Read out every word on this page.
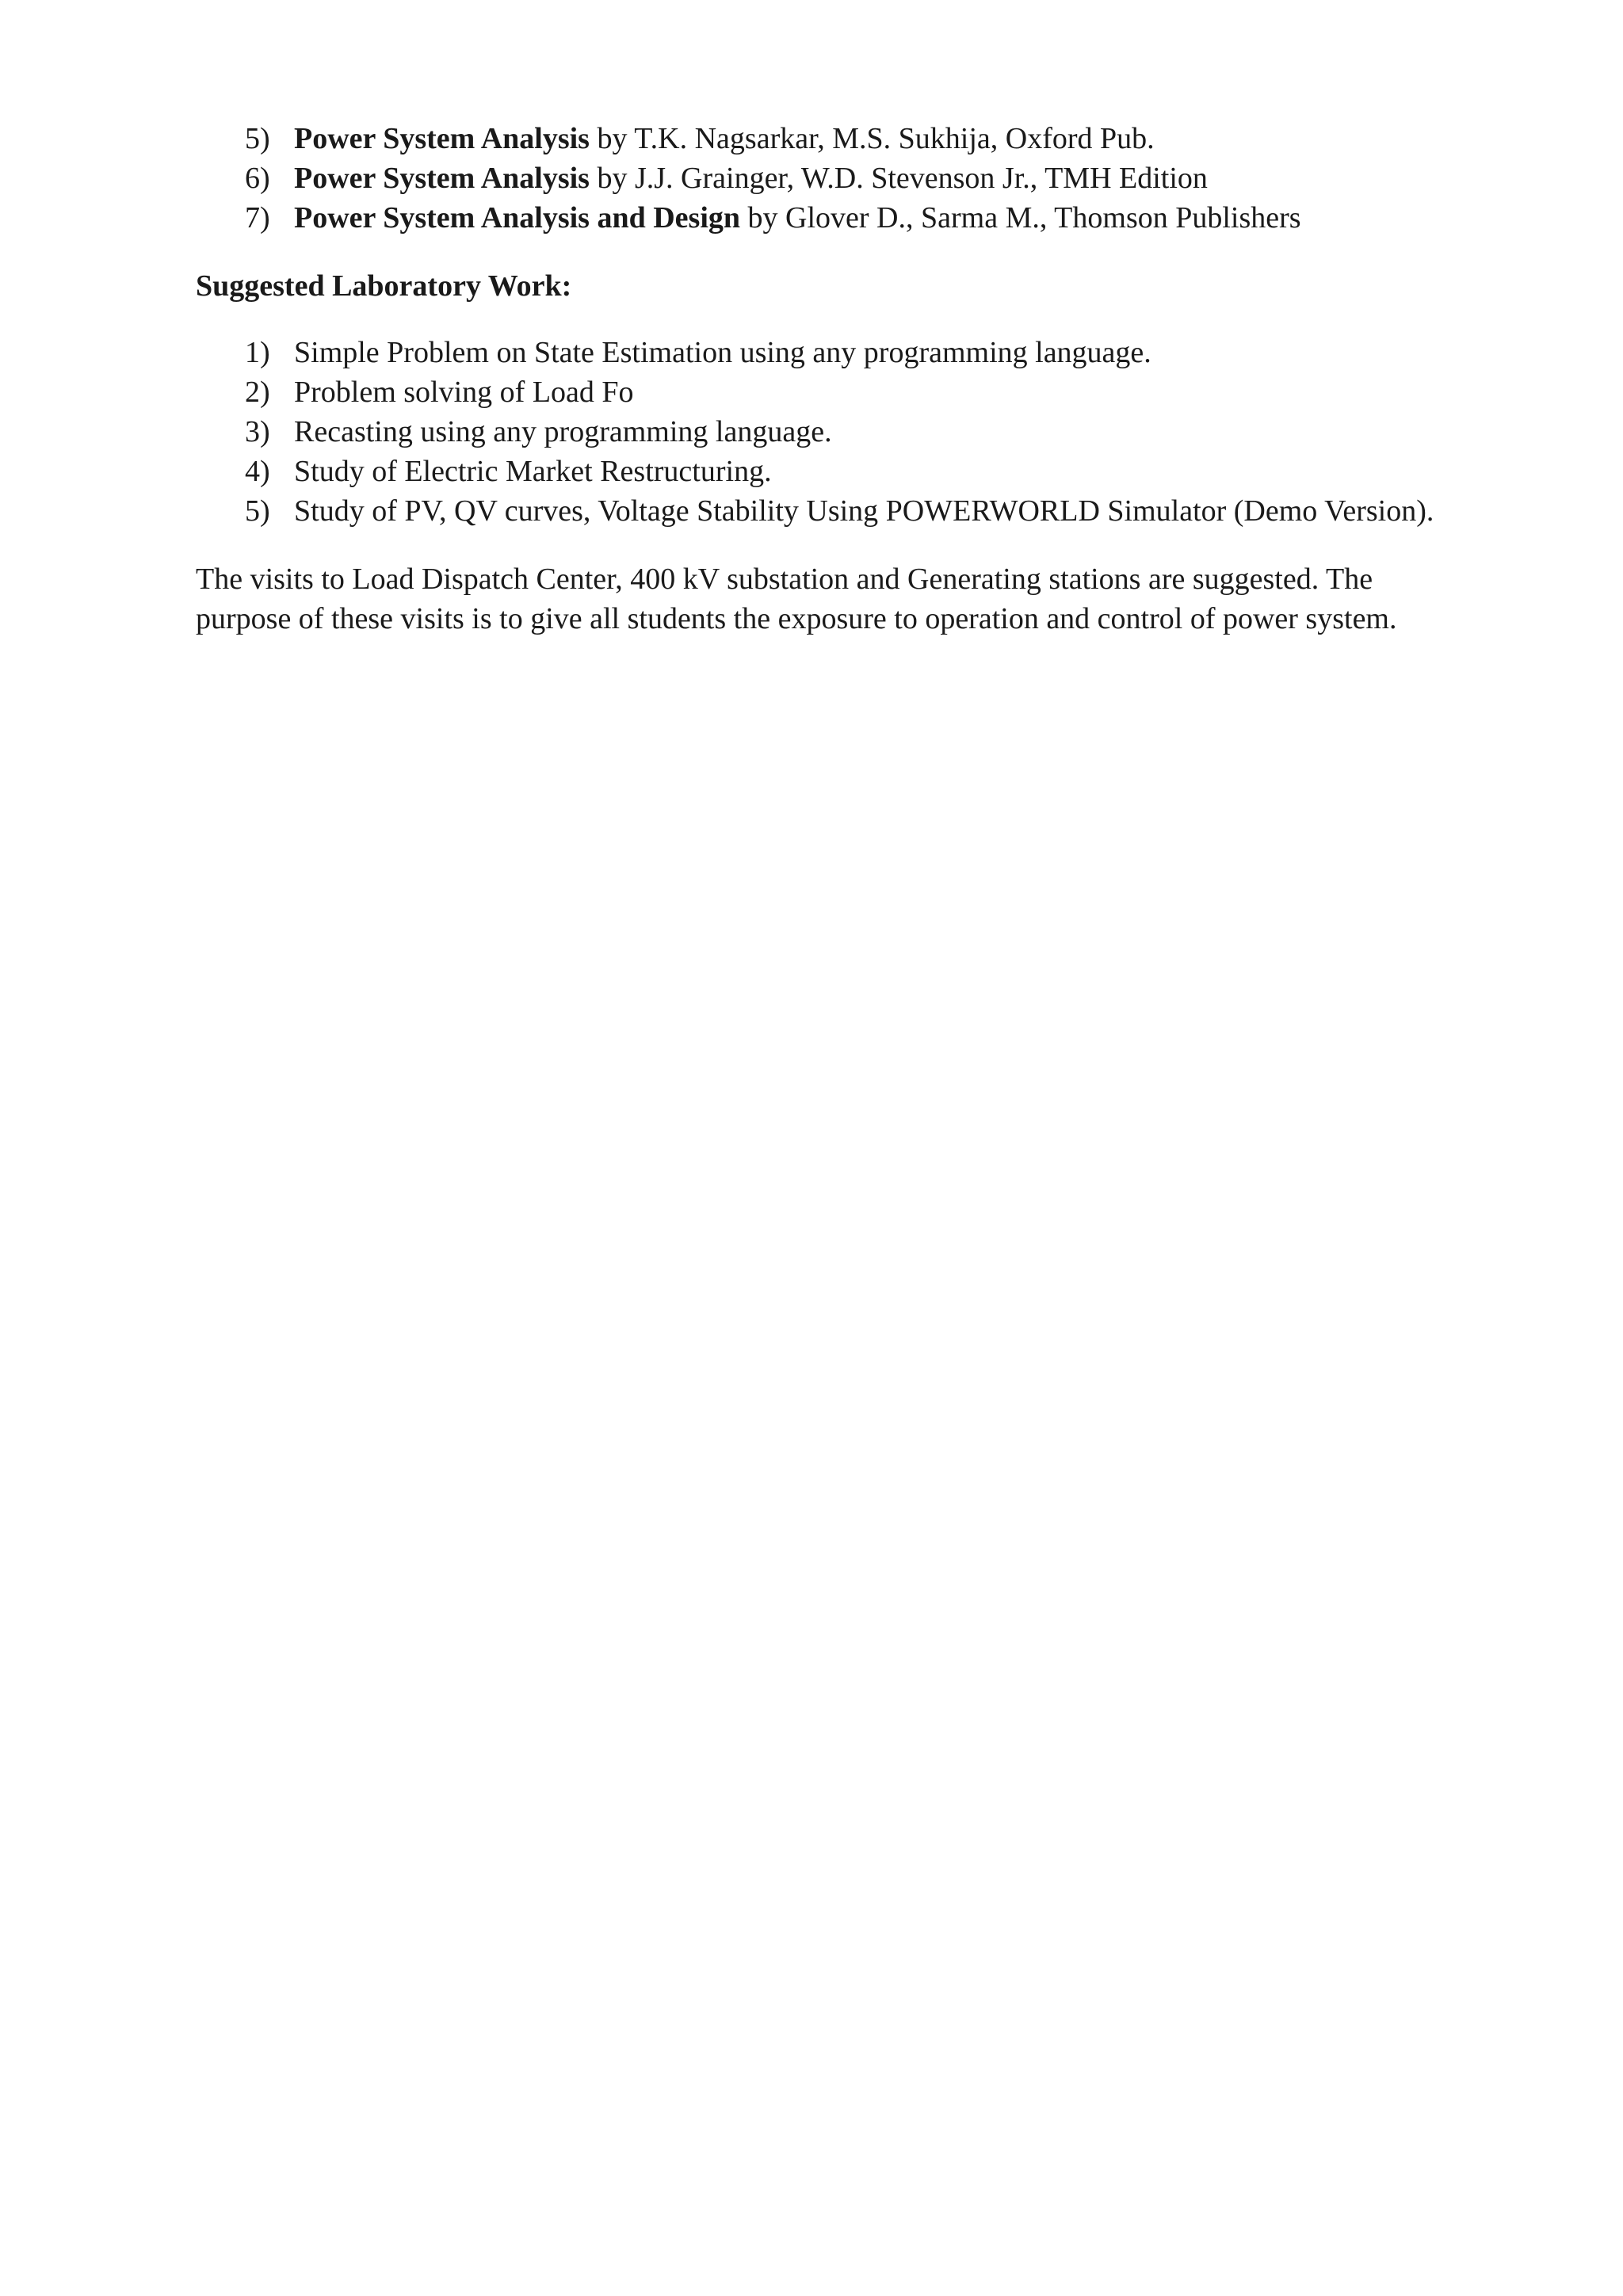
5) Power System Analysis by T.K. Nagsarkar, M.S. Sukhija, Oxford Pub.
6) Power System Analysis by J.J. Grainger, W.D. Stevenson Jr., TMH Edition
7) Power System Analysis and Design by Glover D., Sarma M., Thomson Publishers
Suggested Laboratory Work:
1) Simple Problem on State Estimation using any programming language.
2) Problem solving of Load Fo
3) Recasting using any programming language.
4) Study of Electric Market Restructuring.
5) Study of PV, QV curves, Voltage Stability Using POWERWORLD Simulator (Demo Version).
The visits to Load Dispatch Center, 400 kV substation and Generating stations are suggested. The
purpose of these visits is to give all students the exposure to operation and control of power system.
